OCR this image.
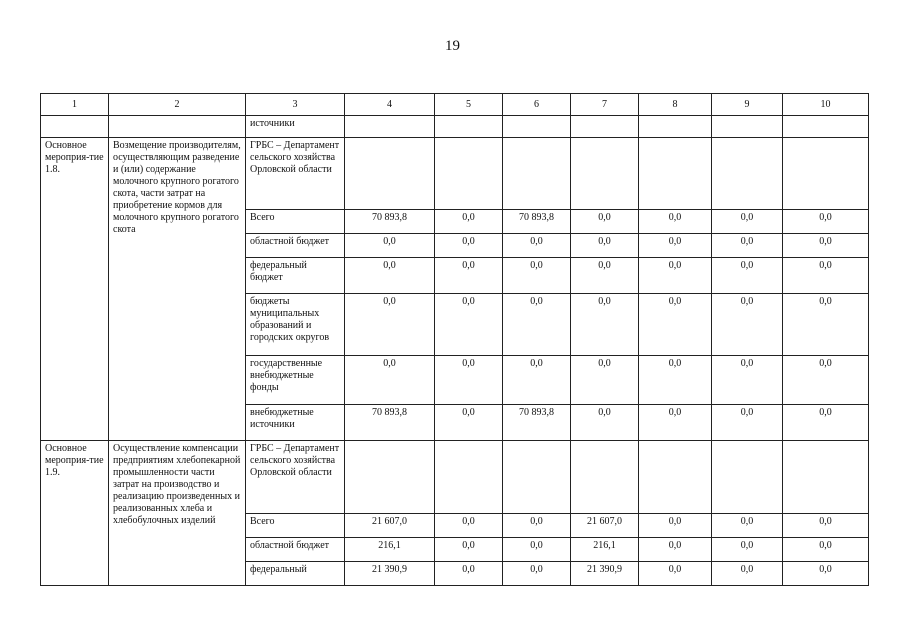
19
1	2	3	4	5	6	7	8	9	10
		источники							
Основное мероприя-тие 1.8.	Возмещение производителям, осуществляющим разведение и (или) содержание молочного крупного рогатого скота, части затрат на приобретение кормов для молочного крупного рогатого скота	ГРБС – Департамент сельского хозяйства Орловской области							
		Всего	70 893,8	0,0	70 893,8	0,0	0,0	0,0	0,0
		областной бюджет	0,0	0,0	0,0	0,0	0,0	0,0	0,0
		федеральный бюджет	0,0	0,0	0,0	0,0	0,0	0,0	0,0
		бюджеты муниципальных образований и городских округов	0,0	0,0	0,0	0,0	0,0	0,0	0,0
		государственные внебюджетные фонды	0,0	0,0	0,0	0,0	0,0	0,0	0,0
		внебюджетные источники	70 893,8	0,0	70 893,8	0,0	0,0	0,0	0,0
Основное мероприя-тие 1.9.	Осуществление компенсации предприятиям хлебопекарной промышленности части затрат на производство и реализацию произведенных и реализованных хлеба и хлебобулочных изделий	ГРБС – Департамент сельского хозяйства Орловской области							
		Всего	21 607,0	0,0	0,0	21 607,0	0,0	0,0	0,0
		областной бюджет	216,1	0,0	0,0	216,1	0,0	0,0	0,0
		федеральный	21 390,9	0,0	0,0	21 390,9	0,0	0,0	0,0
